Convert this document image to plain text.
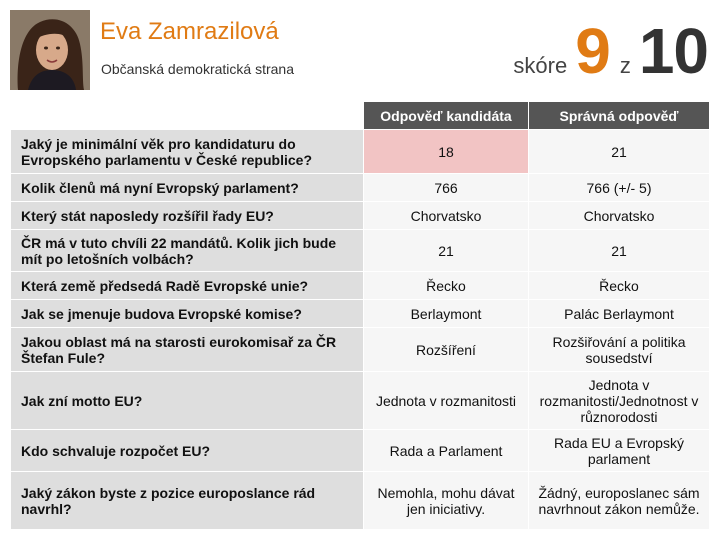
Eva Zamrazilová
Občanská demokratická strana	skóre 9 z 10
	Odpověď kandidáta	Správná odpověď
Jaký je minimální věk pro kandidaturu do Evropského parlamentu v České republice?	18	21
Kolik členů má nyní Evropský parlament?	766	766 (+/- 5)
Který stát naposledy rozšířil řady EU?	Chorvatsko	Chorvatsko
ČR má v tuto chvíli 22 mandátů. Kolik jich bude mít po letošních volbách?	21	21
Která země předsedá Radě Evropské unie?	Řecko	Řecko
Jak se jmenuje budova Evropské komise?	Berlaymont	Palác Berlaymont
Jakou oblast má na starosti eurokomisař za ČR Štefan Fule?	Rozšíření	Rozšiřování a politika sousedství
Jak zní motto EU?	Jednota v rozmanitosti	Jednota v rozmanitosti/Jednotnost v různorodosti
Kdo schvaluje rozpočet EU?	Rada a Parlament	Rada EU a Evropský parlament
Jaký zákon byste z pozice europoslance rád navrhl?	Nemohla, mohu dávat jen iniciativy.	Žádný, europoslanec sám navrhnout zákon nemůže.
